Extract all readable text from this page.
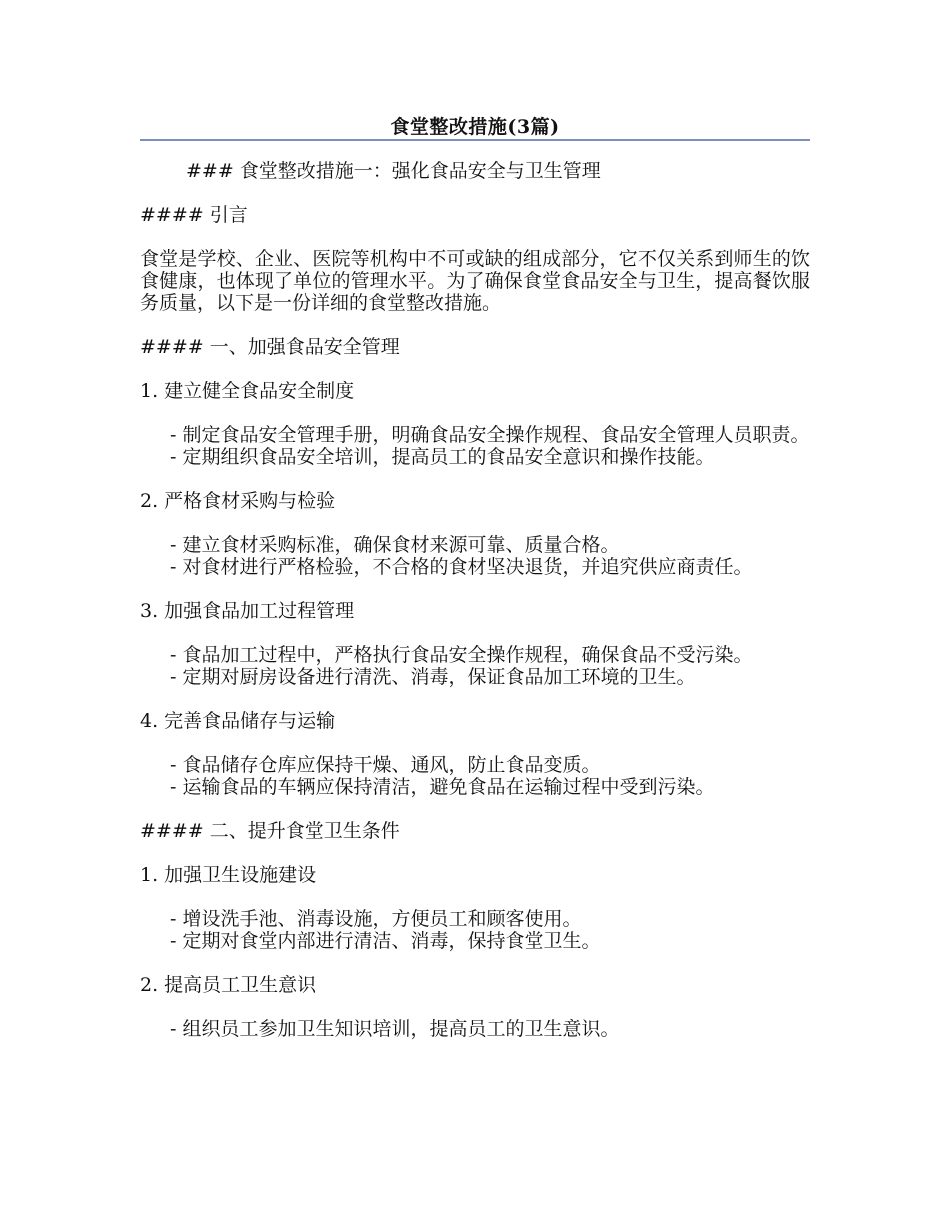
食堂整改措施(3篇)

### 食堂整改措施一：强化食品安全与卫生管理

#### 引言

食堂是学校、企业、医院等机构中不可或缺的组成部分，它不仅关系到师生的饮食健康，也体现了单位的管理水平。为了确保食堂食品安全与卫生，提高餐饮服务质量，以下是一份详细的食堂整改措施。

#### 一、加强食品安全管理

1. 建立健全食品安全制度

- 制定食品安全管理手册，明确食品安全操作规程、食品安全管理人员职责。

- 定期组织食品安全培训，提高员工的食品安全意识和操作技能。

2. 严格食材采购与检验

- 建立食材采购标准，确保食材来源可靠、质量合格。

- 对食材进行严格检验，不合格的食材坚决退货，并追究供应商责任。

3. 加强食品加工过程管理

- 食品加工过程中，严格执行食品安全操作规程，确保食品不受污染。

- 定期对厨房设备进行清洗、消毒，保证食品加工环境的卫生。

4. 完善食品储存与运输

- 食品储存仓库应保持干燥、通风，防止食品变质。

- 运输食品的车辆应保持清洁，避免食品在运输过程中受到污染。

#### 二、提升食堂卫生条件

1. 加强卫生设施建设

- 增设洗手池、消毒设施，方便员工和顾客使用。

- 定期对食堂内部进行清洁、消毒，保持食堂卫生。

2. 提高员工卫生意识

- 组织员工参加卫生知识培训，提高员工的卫生意识。
